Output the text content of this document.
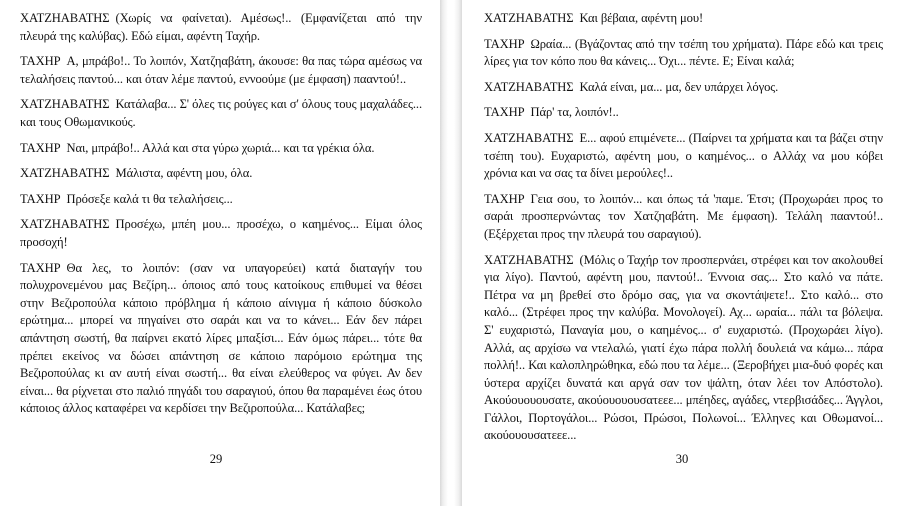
ΧΑΤΖΗΑΒΑΤΗΣ (Χωρίς να φαίνεται). Αμέσως!.. (Εμφανίζεται από την πλευρά της καλύβας). Εδώ είμαι, αφέντη Ταχήρ.

ΤΑΧΗΡ Α, μπράβο!.. Το λοιπόν, Χατζηαβάτη, άκουσε: θα πας τώρα αμέσως να τελαλήσεις παντού... και όταν λέμε παντού, εννοούμε (με έμφαση) πααντού!..

ΧΑΤΖΗΑΒΑΤΗΣ Κατάλαβα... Σ' όλες τις ρούγες και σ' όλους τους μαχαλάδες... και τους Οθωμανικούς.

ΤΑΧΗΡ Ναι, μπράβο!.. Αλλά και στα γύρω χωριά... και τα γρέκια όλα.

ΧΑΤΖΗΑΒΑΤΗΣ Μάλιστα, αφέντη μου, όλα.

ΤΑΧΗΡ Πρόσεξε καλά τι θα τελαλήσεις...

ΧΑΤΖΗΑΒΑΤΗΣ Προσέχω, μπέη μου... προσέχω, ο καημένος... Είμαι όλος προσοχή!

ΤΑΧΗΡ Θα λες, το λοιπόν: (σαν να υπαγορεύει) κατά διαταγήν του πολυχρονεμένου μας Βεζίρη... όποιος από τους κατοίκους επιθυμεί να θέσει στην Βεζιροπούλα κάποιο πρόβλημα ή κάποιο αίνιγμα ή κάποιο δύσκολο ερώτημα... μπορεί να πηγαίνει στο σαράι και να το κάνει... Εάν δεν πάρει απάντηση σωστή, θα παίρνει εκατό λίρες μπαξίσι... Εάν όμως πάρει... τότε θα πρέπει εκείνος να δώσει απάντηση σε κάποιο παρόμοιο ερώτημα της Βεζιροπούλας κι αν αυτή είναι σωστή... θα είναι ελεύθερος να φύγει. Αν δεν είναι... θα ρίχνεται στο παλιό πηγάδι του σαραγιού, όπου θα παραμένει έως ότου κάποιος άλλος καταφέρει να κερδίσει την Βεζιροπούλα... Κατάλαβες;

29

ΧΑΤΖΗΑΒΑΤΗΣ Και βέβαια, αφέντη μου!

ΤΑΧΗΡ Ωραία... (Βγάζοντας από την τσέπη του χρήματα). Πάρε εδώ και τρεις λίρες για τον κόπο που θα κάνεις... Όχι... πέντε. Ε; Είναι καλά;

ΧΑΤΖΗΑΒΑΤΗΣ Καλά είναι, μα... μα, δεν υπάρχει λόγος.

ΤΑΧΗΡ Πάρ' τα, λοιπόν!..

ΧΑΤΖΗΑΒΑΤΗΣ Ε... αφού επιμένετε... (Παίρνει τα χρήματα και τα βάζει στην τσέπη του). Ευχαριστώ, αφέντη μου, ο καημένος... ο Αλλάχ να μου κόβει χρόνια και να σας τα δίνει μερούλες!..

ΤΑΧΗΡ Γεια σου, το λοιπόν... και όπως τά 'παμε. Έτσι; (Προχωράει προς το σαράι προσπερνώντας τον Χατζηαβάτη. Με έμφαση). Τελάλη πααντού!.. (Εξέρχεται προς την πλευρά του σαραγιού).

ΧΑΤΖΗΑΒΑΤΗΣ (Μόλις ο Ταχήρ τον προσπερνάει, στρέφει και τον ακολουθεί για λίγο). Παντού, αφέντη μου, παντού!.. Έννοια σας... Στο καλό να πάτε. Πέτρα να μη βρεθεί στο δρόμο σας, για να σκοντάψετε!.. Στο καλό... στο καλό... (Στρέφει προς την καλύβα. Μονολογεί). Αχ... ωραία... πάλι τα βόλεψα. Σ' ευχαριστώ, Παναγία μου, ο καημένος... σ' ευχαριστώ. (Προχωράει λίγο). Αλλά, ας αρχίσω να ντελαλώ, γιατί έχω πάρα πολλή δουλειά να κάμω... πάρα πολλή!.. Και καλοπληρώθηκα, εδώ που τα λέμε... (Ξεροβήχει μια-δυό φορές και ύστερα αρχίζει δυνατά και αργά σαν τον ψάλτη, όταν λέει τον Απόστολο). Ακούουουουσατε, ακούουουουσατεεε... μπέηδες, αγάδες, ντερβισάδες... Άγγλοι, Γάλλοι, Πορτογάλοι... Ρώσοι, Πρώσοι, Πολωνοί... Έλληνες και Οθωμανοί... ακούουουσατεεε...

30
